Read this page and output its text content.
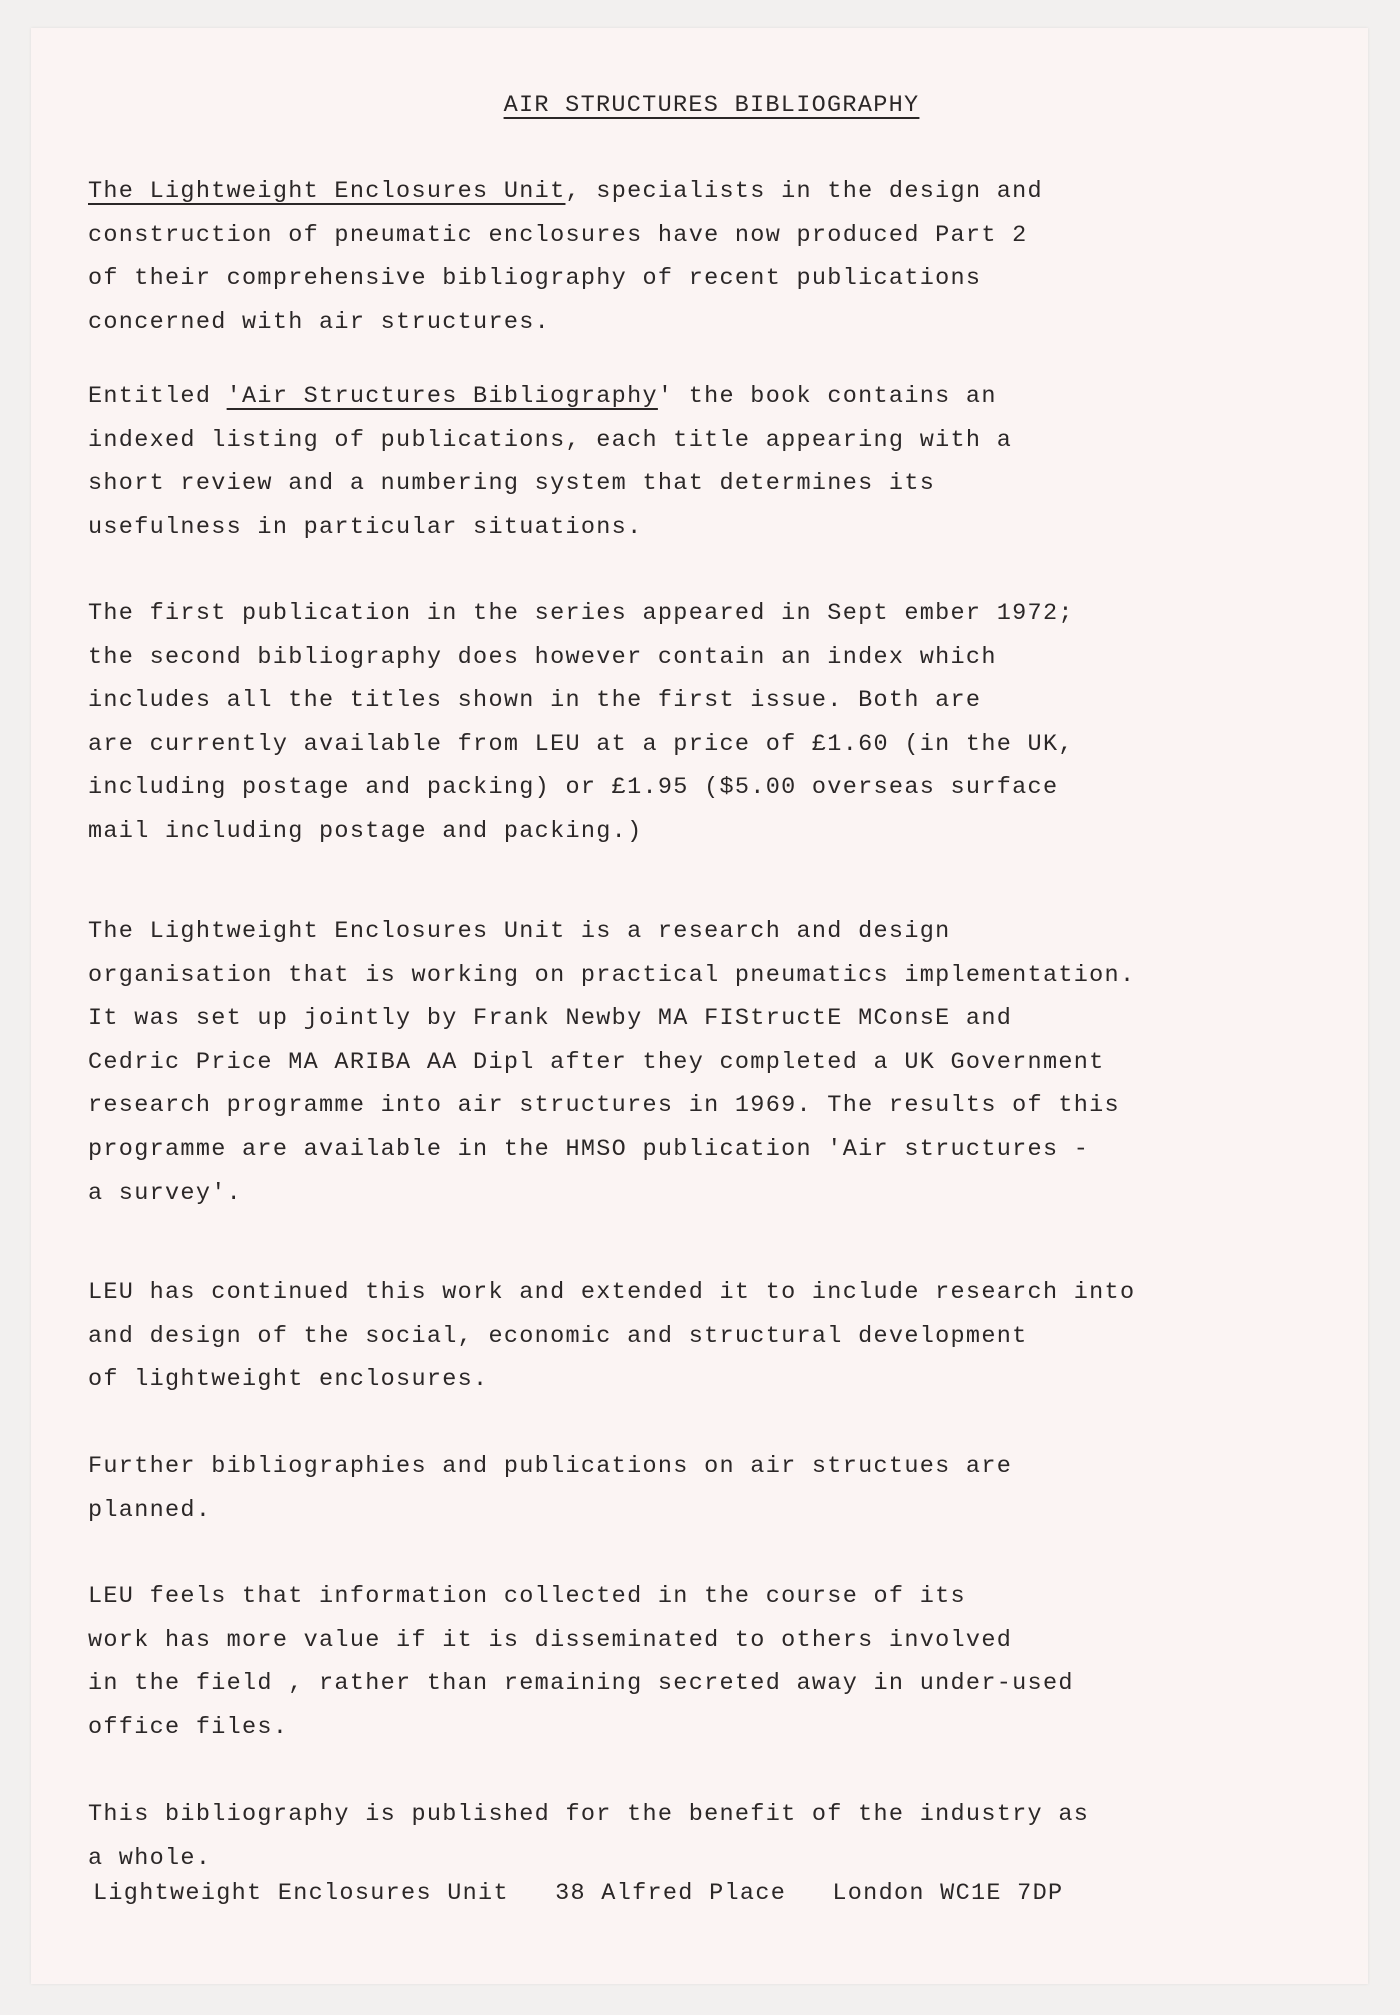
AIR STRUCTURES BIBLIOGRAPHY
The Lightweight Enclosures Unit, specialists in the design and
construction of pneumatic enclosures have now produced Part 2
of their comprehensive bibliography of recent publications
concerned with air structures.
Entitled 'Air Structures Bibliography' the book contains an
indexed listing of publications, each title appearing with a
short review and a numbering system that determines its
usefulness in particular situations.
The first publication in the series appeared in Sept ember 1972;
the second bibliography does however contain an index which
includes all the titles shown in the first issue. Both are
are currently available from LEU at a price of £1.60 (in the UK,
including postage and packing) or £1.95 ($5.00 overseas surface
mail including postage and packing.)
The Lightweight Enclosures Unit is a research and design
organisation that is working on practical pneumatics implementation.
It was set up jointly by Frank Newby MA FIStructE MConsE and
Cedric Price MA ARIBA AA Dipl after they completed a UK Government
research programme into air structures in 1969. The results of this
programme are available in the HMSO publication 'Air structures -
a survey'.
LEU has continued this work and extended it to include research into
and design of the social, economic and structural development
of lightweight enclosures.
Further bibliographies and publications on air structues are
planned.
LEU feels that information collected in the course of its
work has more value if it is disseminated to others involved
in the field , rather than remaining secreted away in under-used
office files.
This bibliography is published for the benefit of the industry as
a whole.
Lightweight Enclosures Unit 38 Alfred Place London WC1E 7DP
